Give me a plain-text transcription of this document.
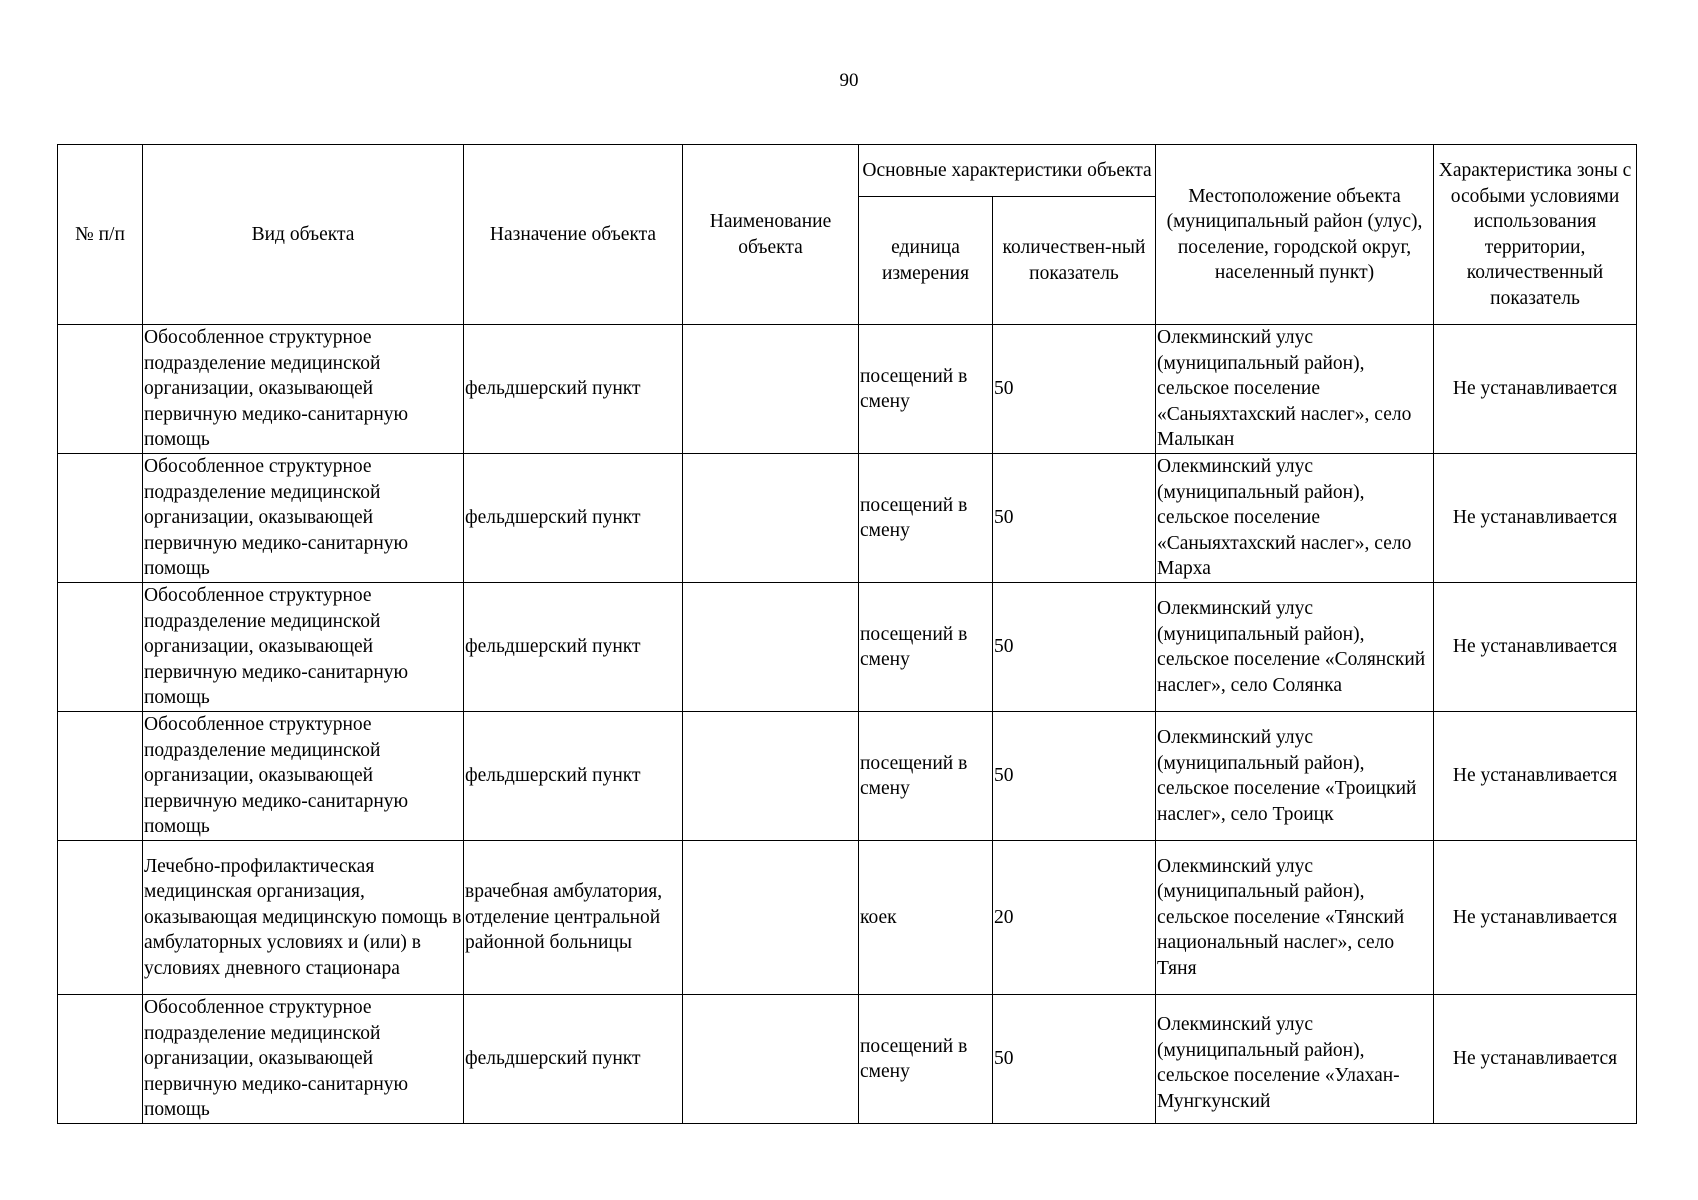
90
№ п/п	Вид объекта	Назначение объекта	Наименование объекта	Основные характеристики объекта		Местоположение объекта (муниципальный район (улус), поселение, городской округ, населенный пункт)	Характеристика зоны с особыми условиями использования территории, количественный показатель
				единица измерения	количествен-ный показатель		
	Обособленное структурное подразделение медицинской организации, оказывающей первичную медико-санитарную помощь	фельдшерский пункт		посещений в смену	50	Олекминский улус (муниципальный район), сельское поселение «Саныяхтахский наслег», село Малыкан	Не устанавливается
	Обособленное структурное подразделение медицинской организации, оказывающей первичную медико-санитарную помощь	фельдшерский пункт		посещений в смену	50	Олекминский улус (муниципальный район), сельское поселение «Саныяхтахский наслег», село Марха	Не устанавливается
	Обособленное структурное подразделение медицинской организации, оказывающей первичную медико-санитарную помощь	фельдшерский пункт		посещений в смену	50	Олекминский улус (муниципальный район), сельское поселение «Солянский наслег», село Солянка	Не устанавливается
	Обособленное структурное подразделение медицинской организации, оказывающей первичную медико-санитарную помощь	фельдшерский пункт		посещений в смену	50	Олекминский улус (муниципальный район), сельское поселение «Троицкий наслег», село Троицк	Не устанавливается
	Лечебно-профилактическая медицинская организация, оказывающая медицинскую помощь в амбулаторных условиях и (или) в условиях дневного стационара	врачебная амбулатория, отделение центральной районной больницы		коек	20	Олекминский улус (муниципальный район), сельское поселение «Тянский национальный наслег», село Тяня	Не устанавливается
	Обособленное структурное подразделение медицинской организации, оказывающей первичную медико-санитарную помощь	фельдшерский пункт		посещений в смену	50	Олекминский улус (муниципальный район), сельское поселение «Улахан-Мунгкунский	Не устанавливается
